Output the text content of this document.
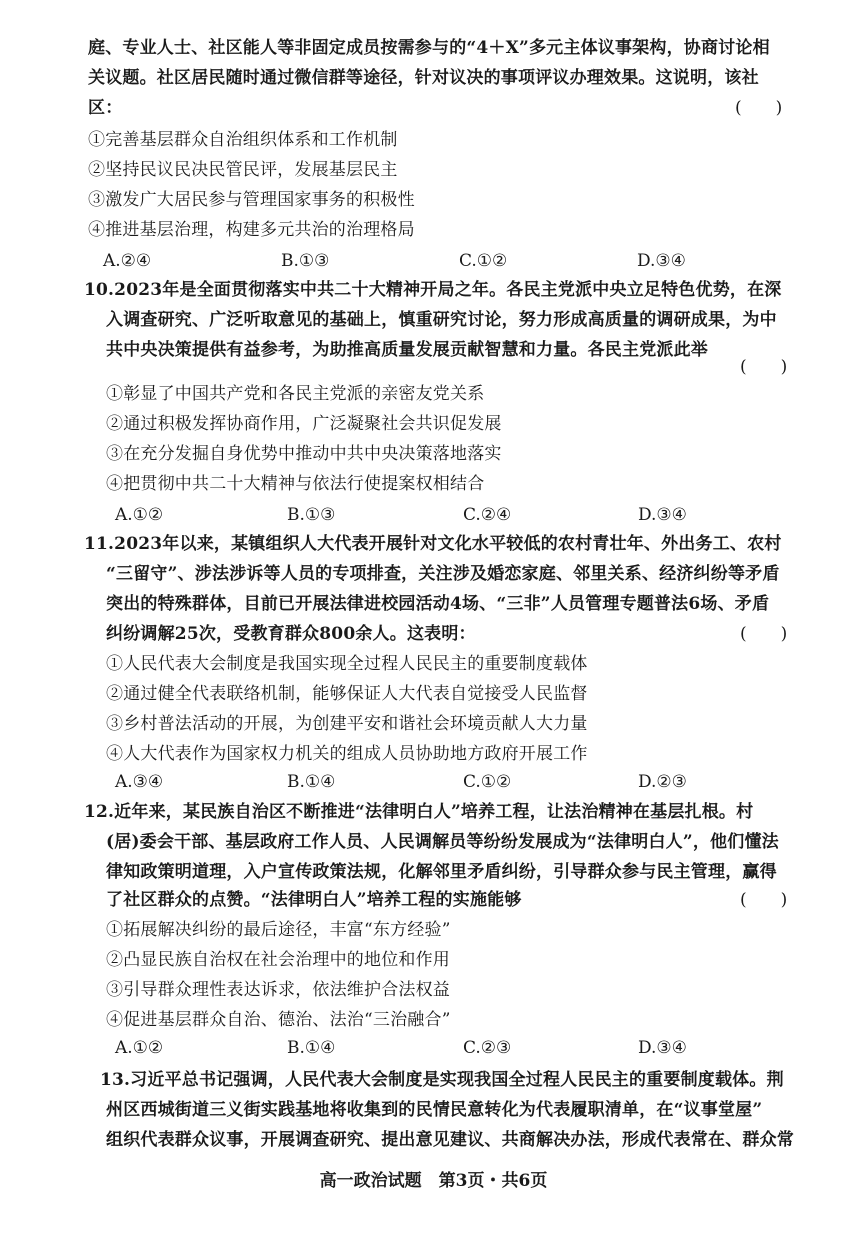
庭、专业人士、社区能人等非固定成员按需参与的“4＋X”多元主体议事架构，协商讨论相
关议题。社区居民随时通过微信群等途径，针对议决的事项评议办理效果。这说明，该社
区：	(　　)
①完善基层群众自治组织体系和工作机制
②坚持民议民决民管民评，发展基层民主
③激发广大居民参与管理国家事务的积极性
④推进基层治理，构建多元共治的治理格局
A.②④	B.①③	C.①②	D.③④
10.2023年是全面贯彻落实中共二十大精神开局之年。各民主党派中央立足特色优势，在深
入调查研究、广泛听取意见的基础上，慎重研究讨论，努力形成高质量的调研成果，为中
共中央决策提供有益参考，为助推高质量发展贡献智慧和力量。各民主党派此举
(　　)
①彰显了中国共产党和各民主党派的亲密友党关系
②通过积极发挥协商作用，广泛凝聚社会共识促发展
③在充分发掘自身优势中推动中共中央决策落地落实
④把贯彻中共二十大精神与依法行使提案权相结合
A.①②	B.①③	C.②④	D.③④
11.2023年以来，某镇组织人大代表开展针对文化水平较低的农村青壮年、外出务工、农村
“三留守”、涉法涉诉等人员的专项排查，关注涉及婚恋家庭、邻里关系、经济纠纷等矛盾
突出的特殊群体，目前已开展法律进校园活动4场、“三非”人员管理专题普法6场、矛盾
纠纷调解25次，受教育群众800余人。这表明：	(　　)
①人民代表大会制度是我国实现全过程人民民主的重要制度载体
②通过健全代表联络机制，能够保证人大代表自觉接受人民监督
③乡村普法活动的开展，为创建平安和谐社会环境贡献人大力量
④人大代表作为国家权力机关的组成人员协助地方政府开展工作
A.③④	B.①④	C.①②	D.②③
12.近年来，某民族自治区不断推进“法律明白人”培养工程，让法治精神在基层扎根。村
(居)委会干部、基层政府工作人员、人民调解员等纷纷发展成为“法律明白人”，他们懂法
律知政策明道理，入户宣传政策法规，化解邻里矛盾纠纷，引导群众参与民主管理，赢得
了社区群众的点赞。“法律明白人”培养工程的实施能够	(　　)
①拓展解决纠纷的最后途径，丰富“东方经验”
②凸显民族自治权在社会治理中的地位和作用
③引导群众理性表达诉求，依法维护合法权益
④促进基层群众自治、德治、法治“三治融合”
A.①②	B.①④	C.②③	D.③④
13.习近平总书记强调，人民代表大会制度是实现我国全过程人民民主的重要制度载体。荆
州区西城街道三义街实践基地将收集到的民情民意转化为代表履职清单，在“议事堂屋”
组织代表群众议事，开展调查研究、提出意见建议、共商解决办法，形成代表常在、群众常
高一政治试题　第3页・共6页
